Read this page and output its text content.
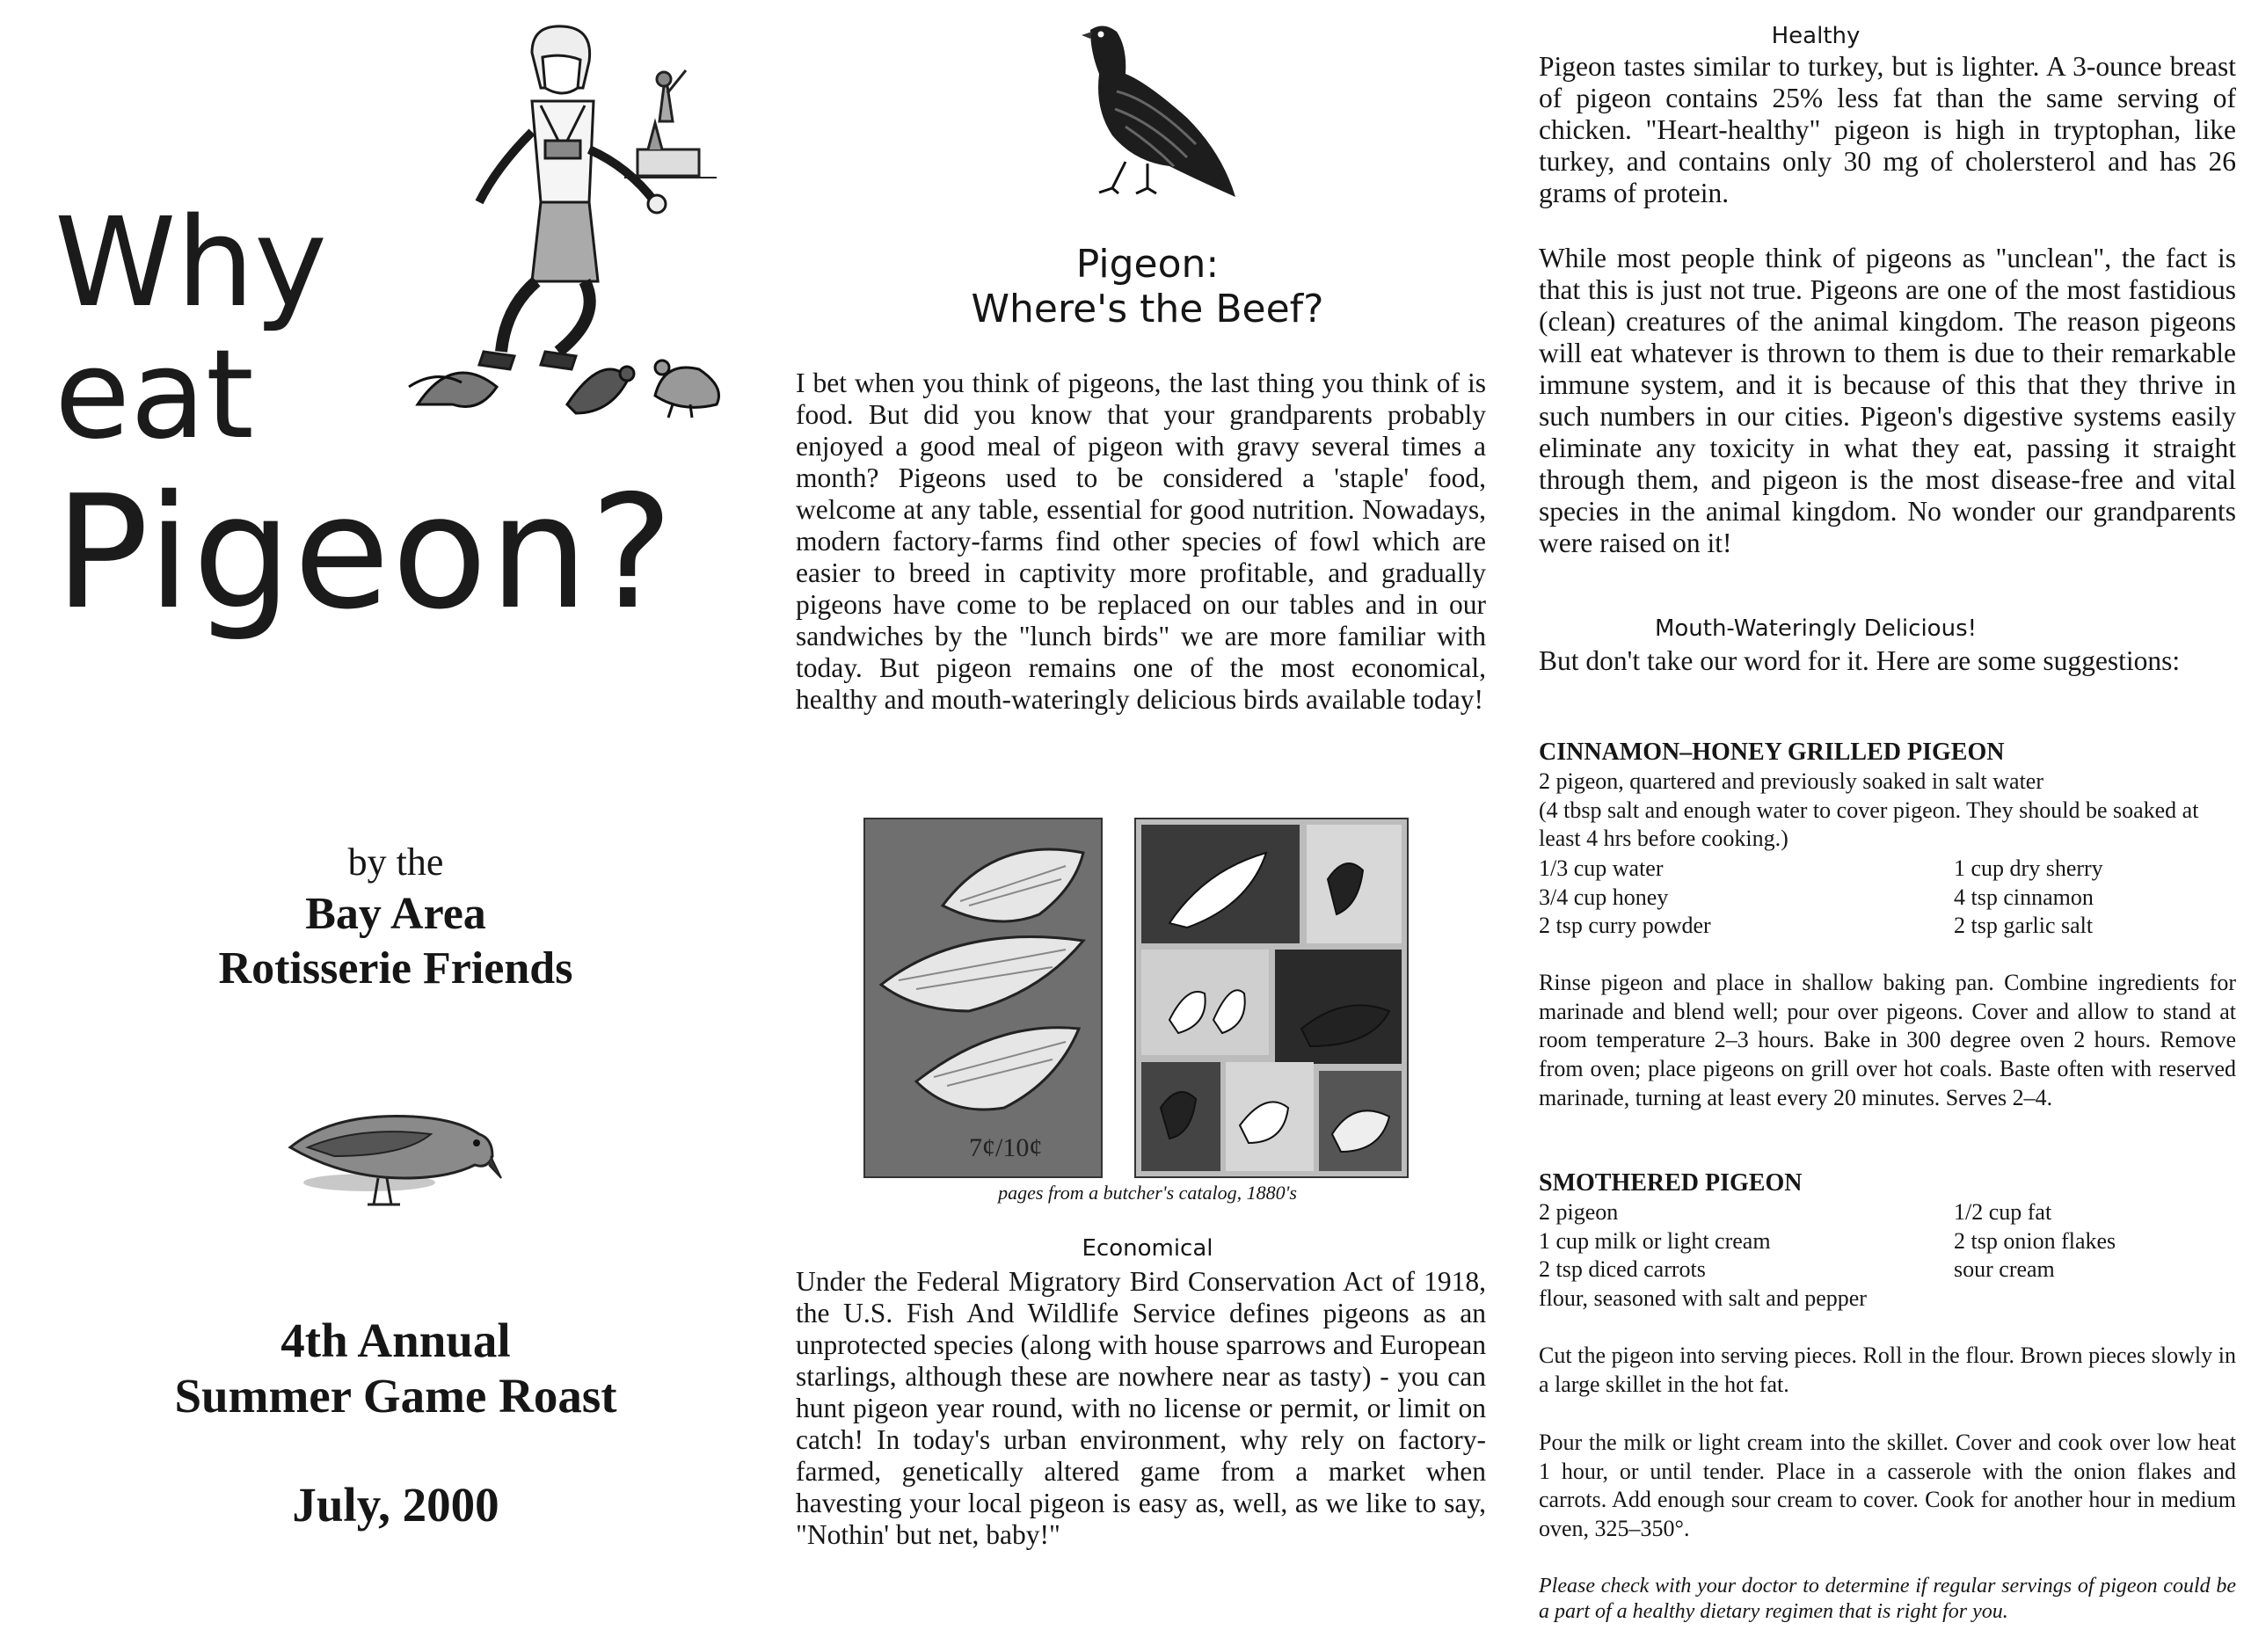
Why
eat
Pigeon?
by the
Bay Area
Rotisserie Friends
4th Annual
Summer Game Roast
July, 2000
Pigeon:
Where's the Beef?

I bet when you think of pigeons, the last thing you think of is food. But did you know that your grandparents probably enjoyed a good meal of pigeon with gravy several times a month? Pigeons used to be considered a 'staple' food, welcome at any table, essential for good nutrition. Nowadays, modern factory-farms find other species of fowl which are easier to breed in captivity more profitable, and gradually pigeons have come to be replaced on our tables and in our sandwiches by the "lunch birds" we are more familiar with today. But pigeon remains one of the most economical, healthy and mouth-wateringly delicious birds available today!

7¢/10¢
pages from a butcher's catalog, 1880's
Economical

Under the Federal Migratory Bird Conservation Act of 1918, the U.S. Fish And Wildlife Service defines pigeons as an unprotected species (along with house sparrows and European starlings, although these are nowhere near as tasty) - you can hunt pigeon year round, with no license or permit, or limit on catch! In today's urban environment, why rely on factory-farmed, genetically altered game from a market when havesting your local pigeon is easy as, well, as we like to say, "Nothin' but net, baby!"

Healthy

Pigeon tastes similar to turkey, but is lighter. A 3-ounce breast of pigeon contains 25% less fat than the same serving of chicken. "Heart-healthy" pigeon is high in tryptophan, like turkey, and contains only 30 mg of cholersterol and has 26 grams of protein.

While most people think of pigeons as "unclean", the fact is that this is just not true. Pigeons are one of the most fastidious (clean) creatures of the animal kingdom. The reason pigeons will eat whatever is thrown to them is due to their remarkable immune system, and it is because of this that they thrive in such numbers in our cities. Pigeon's digestive systems easily eliminate any toxicity in what they eat, passing it straight through them, and pigeon is the most disease-free and vital species in the animal kingdom. No wonder our grandparents were raised on it!

Mouth-Wateringly Delicious!

But don't take our word for it. Here are some suggestions:

CINNAMON–HONEY GRILLED PIGEON

2 pigeon, quartered and previously soaked in salt water

(4 tbsp salt and enough water to cover pigeon. They should be soaked at least 4 hrs before cooking.)

1/3 cup water
3/4 cup honey
2 tsp curry powder
1 cup dry sherry
4 tsp cinnamon
2 tsp garlic salt

Rinse pigeon and place in shallow baking pan. Combine ingredients for marinade and blend well; pour over pigeons. Cover and allow to stand at room temperature 2–3 hours. Bake in 300 degree oven 2 hours. Remove from oven; place pigeons on grill over hot coals. Baste often with reserved marinade, turning at least every 20 minutes. Serves 2–4.

SMOTHERED PIGEON
2 pigeon
1 cup milk or light cream
2 tsp diced carrots
flour, seasoned with salt and pepper
1/2 cup fat
2 tsp onion flakes
sour cream

Cut the pigeon into serving pieces. Roll in the flour. Brown pieces slowly in a large skillet in the hot fat.

Pour the milk or light cream into the skillet. Cover and cook over low heat 1 hour, or until tender. Place in a casserole with the onion flakes and carrots. Add enough sour cream to cover. Cook for another hour in medium oven, 325–350°.

Please check with your doctor to determine if regular servings of pigeon could be a part of a healthy dietary regimen that is right for you.
